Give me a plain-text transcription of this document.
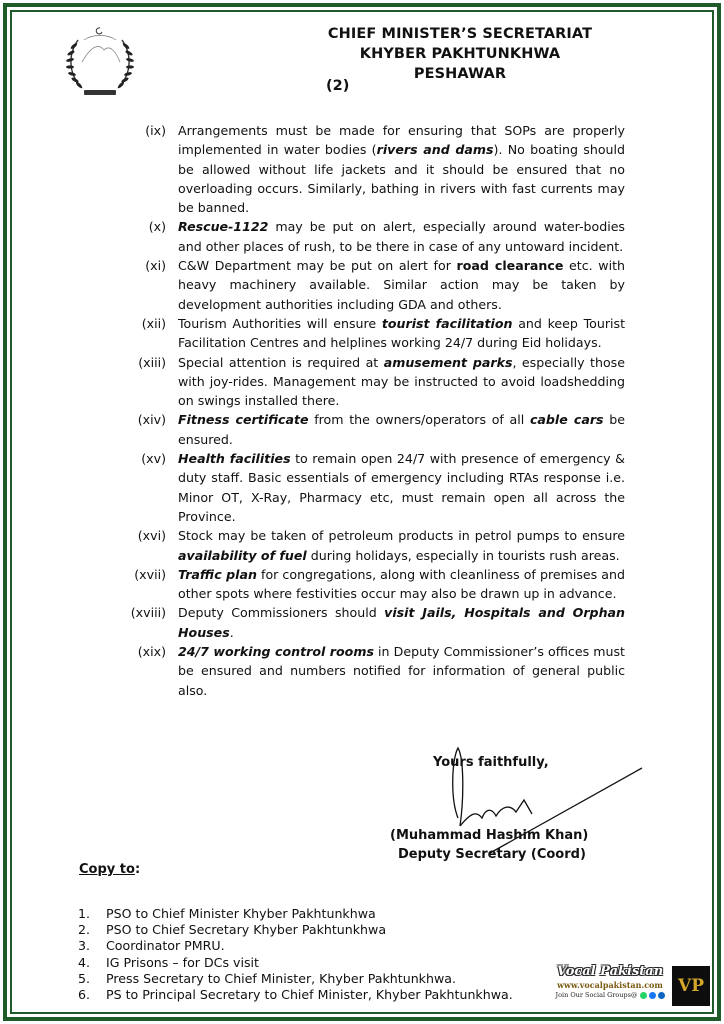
CHIEF MINISTER’S SECRETARIAT
KHYBER PAKHTUNKHWA
PESHAWAR
(2)
(ix) Arrangements must be made for ensuring that SOPs are properly implemented in water bodies (rivers and dams). No boating should be allowed without life jackets and it should be ensured that no overloading occurs. Similarly, bathing in rivers with fast currents may be banned.
(x) Rescue-1122 may be put on alert, especially around water-bodies and other places of rush, to be there in case of any untoward incident.
(xi) C&W Department may be put on alert for road clearance etc. with heavy machinery available. Similar action may be taken by development authorities including GDA and others.
(xii) Tourism Authorities will ensure tourist facilitation and keep Tourist Facilitation Centres and helplines working 24/7 during Eid holidays.
(xiii) Special attention is required at amusement parks, especially those with joy-rides. Management may be instructed to avoid loadshedding on swings installed there.
(xiv) Fitness certificate from the owners/operators of all cable cars be ensured.
(xv) Health facilities to remain open 24/7 with presence of emergency & duty staff. Basic essentials of emergency including RTAs response i.e. Minor OT, X-Ray, Pharmacy etc, must remain open all across the Province.
(xvi) Stock may be taken of petroleum products in petrol pumps to ensure availability of fuel during holidays, especially in tourists rush areas.
(xvii) Traffic plan for congregations, along with cleanliness of premises and other spots where festivities occur may also be drawn up in advance.
(xviii) Deputy Commissioners should visit Jails, Hospitals and Orphan Houses.
(xix) 24/7 working control rooms in Deputy Commissioner’s offices must be ensured and numbers notified for information of general public also.
Yours faithfully,
(Muhammad Hashim Khan)
Deputy Secretary (Coord)
Copy to:
1.	PSO to Chief Minister Khyber Pakhtunkhwa
2.	PSO to Chief Secretary Khyber Pakhtunkhwa
3.	Coordinator PMRU.
4.	IG Prisons – for DCs visit
5.	Press Secretary to Chief Minister, Khyber Pakhtunkhwa.
6.	PS to Principal Secretary to Chief Minister, Khyber Pakhtunkhwa.
Vocal Pakistan
www.vocalpakistan.com
Join Our Social Groups@	VP
